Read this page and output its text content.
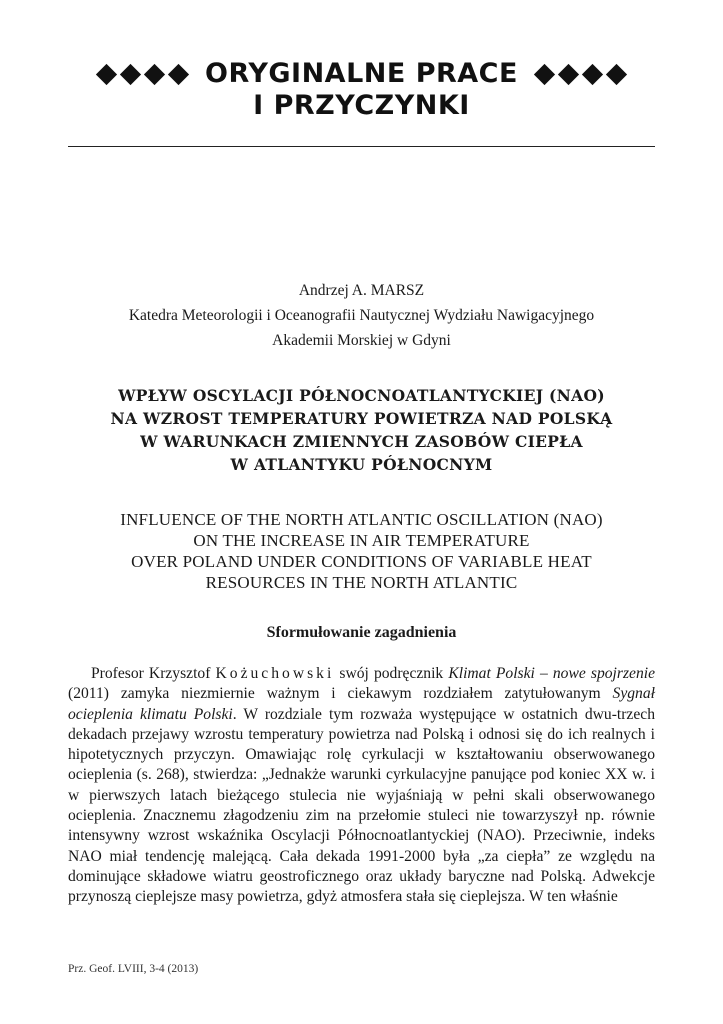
ORYGINALNE PRACE
I PRZYCZYNKI
Andrzej A. MARSZ
Katedra Meteorologii i Oceanografii Nautycznej Wydziału Nawigacyjnego
Akademii Morskiej w Gdyni
WPŁYW OSCYLACJI PÓŁNOCNOATLANTYCKIEJ (NAO)
NA WZROST TEMPERATURY POWIETRZA NAD POLSKĄ
W WARUNKACH ZMIENNYCH ZASOBÓW CIEPŁA
W ATLANTYKU PÓŁNOCNYM
INFLUENCE OF THE NORTH ATLANTIC OSCILLATION (NAO)
ON THE INCREASE IN AIR TEMPERATURE
OVER POLAND UNDER CONDITIONS OF VARIABLE HEAT
RESOURCES IN THE NORTH ATLANTIC
Sformułowanie zagadnienia

Profesor Krzysztof Kożuchowski swój podręcznik Klimat Polski – nowe spojrzenie (2011) zamyka niezmiernie ważnym i ciekawym rozdziałem zatytułowanym Sygnał ocieplenia klimatu Polski. W rozdziale tym rozważa występujące w ostatnich dwu-trzech dekadach przejawy wzrostu temperatury powietrza nad Polską i odnosi się do ich realnych i hipotetycznych przyczyn. Omawiając rolę cyrkulacji w kształtowaniu obserwowanego ocieplenia (s. 268), stwierdza: „Jednakże warunki cyrkulacyjne panujące pod koniec XX w. i w pierwszych latach bieżącego stulecia nie wyjaśniają w pełni skali obserwowanego ocieplenia. Znacznemu złagodzeniu zim na przełomie stuleci nie towarzyszył np. równie intensywny wzrost wskaźnika Oscylacji Północnoatlantyckiej (NAO). Przeciwnie, indeks NAO miał tendencję malejącą. Cała dekada 1991-2000 była „za ciepła” ze względu na dominujące składowe wiatru geostroficznego oraz układy baryczne nad Polską. Adwekcje przynoszą cieplejsze masy powietrza, gdyż atmosfera stała się cieplejsza. W ten właśnie

Prz. Geof. LVIII, 3-4 (2013)
